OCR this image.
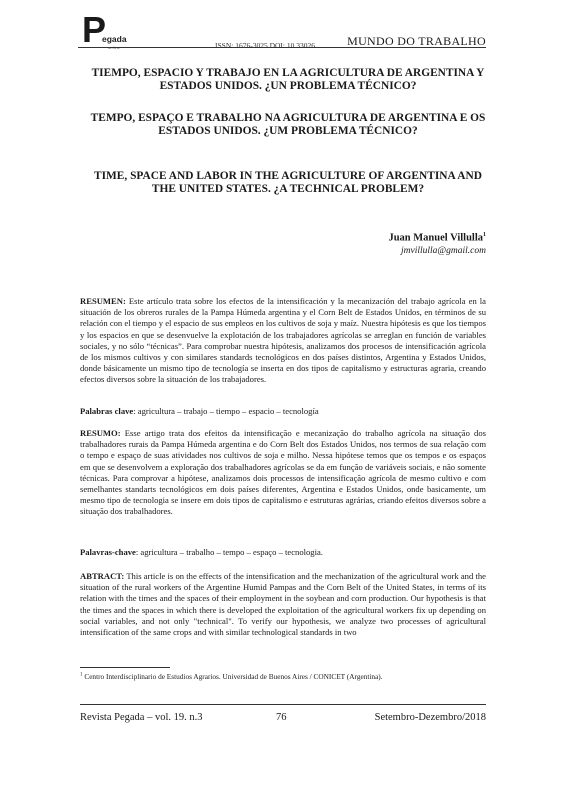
P
egada
on line	ISSN: 1676-3025 DOI: 10.33026	MUNDO DO TRABALHO
TIEMPO, ESPACIO Y TRABAJO EN LA AGRICULTURA DE ARGENTINA Y ESTADOS UNIDOS. ¿UN PROBLEMA TÉCNICO?
TEMPO, ESPAÇO E TRABALHO NA AGRICULTURA DE ARGENTINA E OS ESTADOS UNIDOS. ¿UM PROBLEMA TÉCNICO?
TIME, SPACE AND LABOR IN THE AGRICULTURE OF ARGENTINA AND THE UNITED STATES. ¿A TECHNICAL PROBLEM?
Juan Manuel Villulla$^1$
jmvillulla@gmail.com
RESUMEN: Este artículo trata sobre los efectos de la intensificación y la mecanización del trabajo agrícola en la situación de los obreros rurales de la Pampa Húmeda argentina y el Corn Belt de Estados Unidos, en términos de su relación con el tiempo y el espacio de sus empleos en los cultivos de soja y maíz. Nuestra hipótesis es que los tiempos y los espacios en que se desenvuelve la explotación de los trabajadores agrícolas se arreglan en función de variables sociales, y no sólo “técnicas”. Para comprobar nuestra hipótesis, analizamos dos procesos de intensificación agrícola de los mismos cultivos y con similares standards tecnológicos en dos países distintos, Argentina y Estados Unidos, donde básicamente un mismo tipo de tecnología se inserta en dos tipos de capitalismo y estructuras agraria, creando efectos diversos sobre la situación de los trabajadores.
Palabras clave: agricultura – trabajo – tiempo – espacio – tecnología
RESUMO: Esse artigo trata dos efeitos da intensificação e mecanização do trabalho agrícola na situação dos trabalhadores rurais da Pampa Húmeda argentina e do Corn Belt dos Estados Unidos, nos termos de sua relação com o tempo e espaço de suas atividades nos cultivos de soja e milho. Nessa hipótese temos que os tempos e os espaços em que se desenvolvem a exploração dos trabalhadores agrícolas se da em função de variáveis sociais, e não somente técnicas. Para comprovar a hipótese, analizamos dois processos de intensificação agrícola de mesmo cultivo e com semelhantes standarts tecnológicos em dois países diferentes, Argentina e Estados Unidos, onde basicamente, um mesmo tipo de tecnologia se insere em dois tipos de capitalismo e estruturas agrárias, criando efeitos diversos sobre a situação dos trabalhadores.
Palavras-chave: agricultura – trabalho – tempo – espaço – tecnologia.
ABTRACT: This article is on the effects of the intensification and the mechanization of the agricultural work and the situation of the rural workers of the Argentine Humid Pampas and the Corn Belt of the United States, in terms of its relation with the times and the spaces of their employment in the soybean and corn production. Our hypothesis is that the times and the spaces in which there is developed the exploitation of the agricultural workers fix up depending on social variables, and not only "technical". To verify our hypothesis, we analyze two processes of agricultural intensification of the same crops and with similar technological standards in two
$^1$ Centro Interdisciplinario de Estudios Agrarios. Universidad de Buenos Aires / CONICET (Argentina).
Revista Pegada – vol. 19. n.3	76	Setembro-Dezembro/2018
